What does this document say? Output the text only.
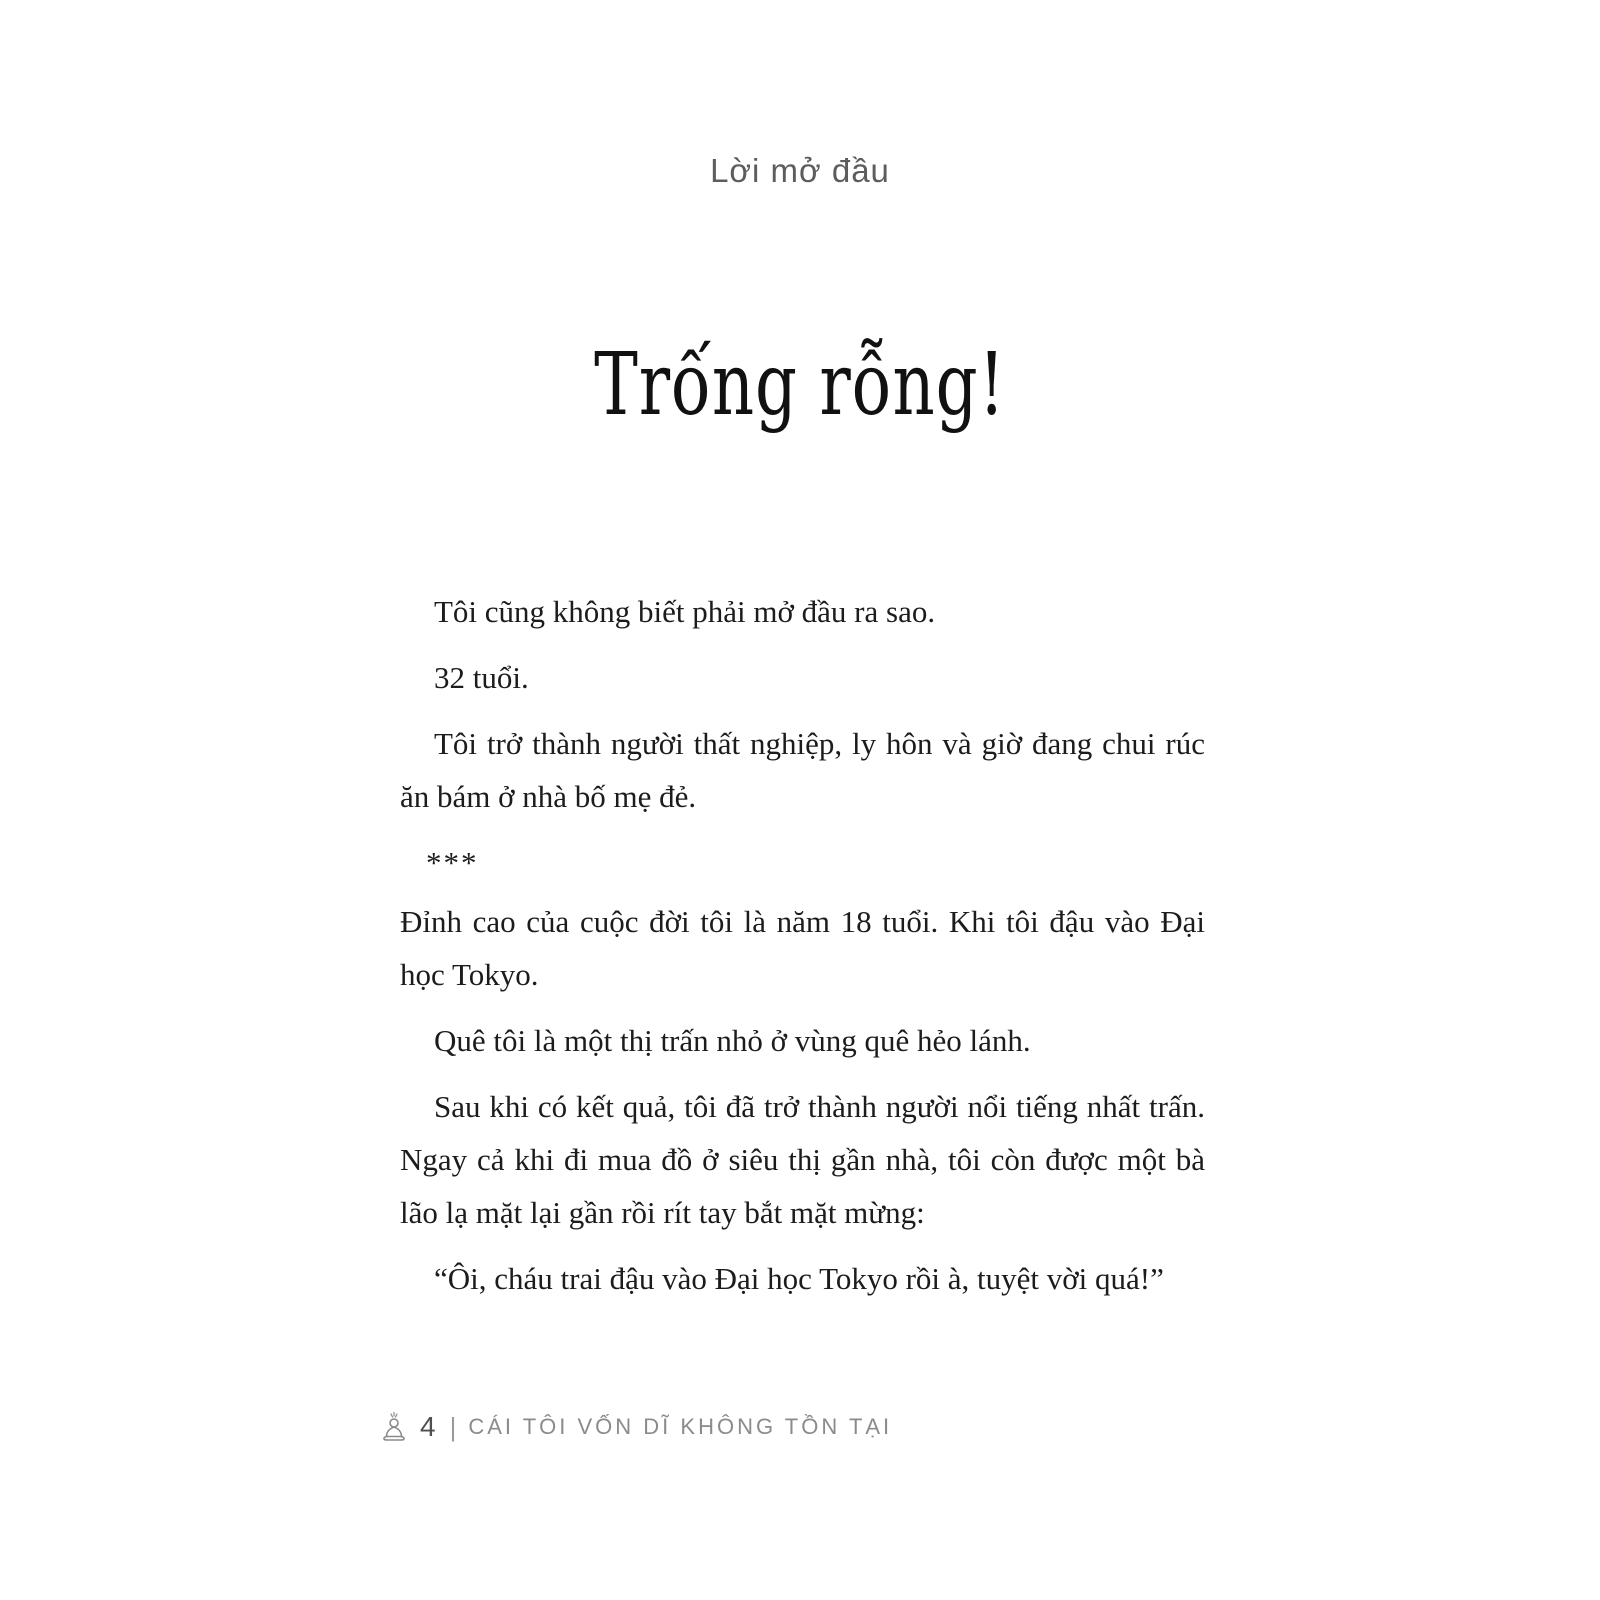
Lời mở đầu
Trống rỗng!

Tôi cũng không biết phải mở đầu ra sao.

32 tuổi.

Tôi trở thành người thất nghiệp, ly hôn và giờ đang chui rúc ăn bám ở nhà bố mẹ đẻ.

***

Đỉnh cao của cuộc đời tôi là năm 18 tuổi. Khi tôi đậu vào Đại học Tokyo.

Quê tôi là một thị trấn nhỏ ở vùng quê hẻo lánh.

Sau khi có kết quả, tôi đã trở thành người nổi tiếng nhất trấn. Ngay cả khi đi mua đồ ở siêu thị gần nhà, tôi còn được một bà lão lạ mặt lại gần rồi rít tay bắt mặt mừng:

“Ôi, cháu trai đậu vào Đại học Tokyo rồi à, tuyệt vời quá!”

4 | CÁI TÔI VỐN DĨ KHÔNG TỒN TẠI
